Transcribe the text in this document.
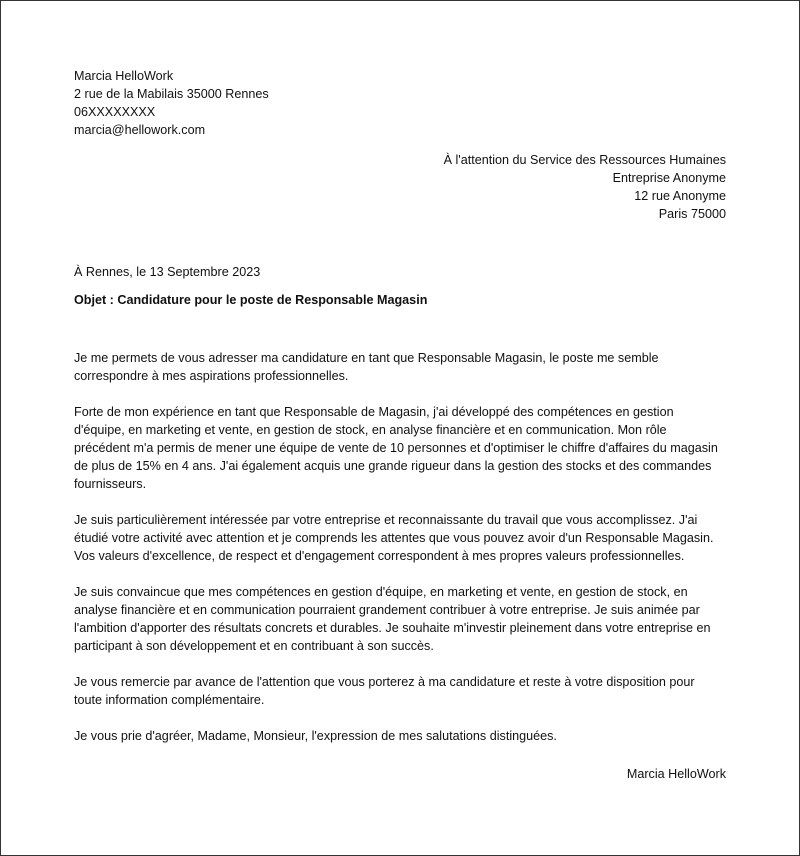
Marcia HelloWork
2 rue de la Mabilais 35000 Rennes
06XXXXXXXX
marcia@hellowork.com
À l'attention du Service des Ressources Humaines
Entreprise Anonyme
12 rue Anonyme
Paris 75000
À Rennes, le 13 Septembre 2023
Objet : Candidature pour le poste de Responsable Magasin

Je me permets de vous adresser ma candidature en tant que Responsable Magasin, le poste me semble correspondre à mes aspirations professionnelles.

Forte de mon expérience en tant que Responsable de Magasin, j'ai développé des compétences en gestion d'équipe, en marketing et vente, en gestion de stock, en analyse financière et en communication. Mon rôle précédent m'a permis de mener une équipe de vente de 10 personnes et d'optimiser le chiffre d'affaires du magasin de plus de 15% en 4 ans. J'ai également acquis une grande rigueur dans la gestion des stocks et des commandes fournisseurs.

Je suis particulièrement intéressée par votre entreprise et reconnaissante du travail que vous accomplissez. J'ai étudié votre activité avec attention et je comprends les attentes que vous pouvez avoir d'un Responsable Magasin. Vos valeurs d'excellence, de respect et d'engagement correspondent à mes propres valeurs professionnelles.

Je suis convaincue que mes compétences en gestion d'équipe, en marketing et vente, en gestion de stock, en analyse financière et en communication pourraient grandement contribuer à votre entreprise. Je suis animée par l'ambition d'apporter des résultats concrets et durables. Je souhaite m'investir pleinement dans votre entreprise en participant à son développement et en contribuant à son succès.

Je vous remercie par avance de l'attention que vous porterez à ma candidature et reste à votre disposition pour toute information complémentaire.

Je vous prie d'agréer, Madame, Monsieur, l'expression de mes salutations distinguées.

Marcia HelloWork
